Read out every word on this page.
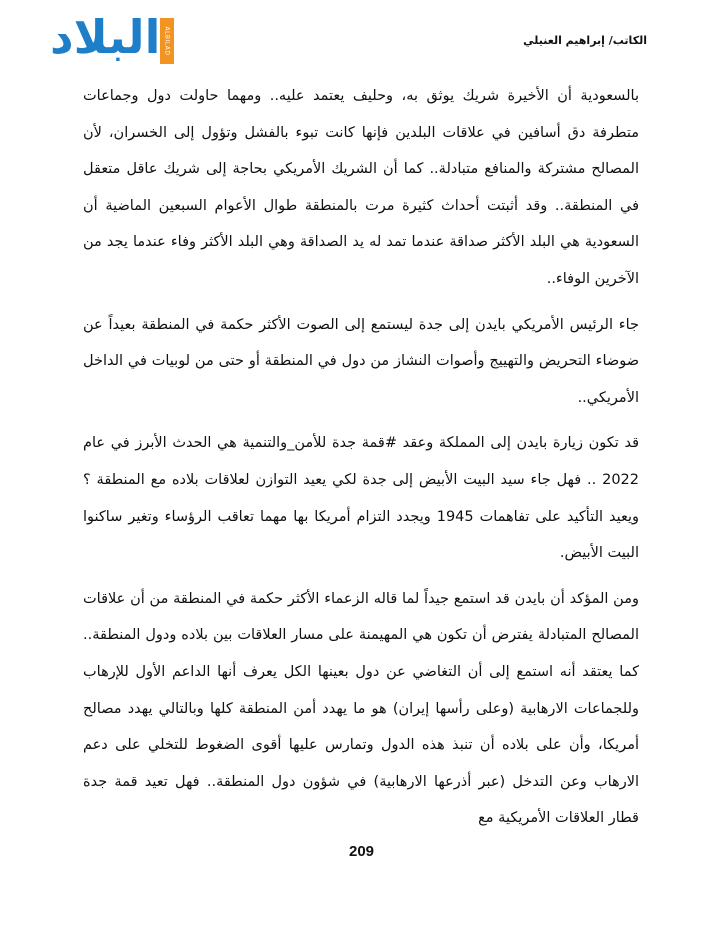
الكاتب/ إبراهيم العنيلي
البلاد ALBILAD

بالسعودية أن الأخيرة شريك يوثق به، وحليف يعتمد عليه.. ومهما حاولت دول وجماعات متطرفة دق أسافين في علاقات البلدين فإنها كانت تبوء بالفشل وتؤول إلى الخسران، لأن المصالح مشتركة والمنافع متبادلة.. كما أن الشريك الأمريكي بحاجة إلى شريك عاقل متعقل في المنطقة.. وقد أثبتت أحداث كثيرة مرت بالمنطقة طوال الأعوام السبعين الماضية أن السعودية هي البلد الأكثر صداقة عندما تمد له يد الصداقة وهي البلد الأكثر وفاء عندما يجد من الآخرين الوفاء..

جاء الرئيس الأمريكي بايدن إلى جدة ليستمع إلى الصوت الأكثر حكمة في المنطقة بعيداً عن ضوضاء التحريض والتهييج وأصوات النشاز من دول في المنطقة أو حتى من لوبيات في الداخل الأمريكي..

قد تكون زيارة بايدن إلى المملكة وعقد #قمة جدة للأمن_والتنمية هي الحدث الأبرز في عام 2022 .. فهل جاء سيد البيت الأبيض إلى جدة لكي يعيد التوازن لعلاقات بلاده مع المنطقة ؟ ويعيد التأكيد على تفاهمات 1945 ويجدد التزام أمريكا بها مهما تعاقب الرؤساء وتغير ساكنوا البيت الأبيض.

ومن المؤكد أن بايدن قد استمع جيداً لما قاله الزعماء الأكثر حكمة في المنطقة من أن علاقات المصالح المتبادلة يفترض أن تكون هي المهيمنة على مسار العلاقات بين بلاده ودول المنطقة.. كما يعتقد أنه استمع إلى أن التغاضي عن دول بعينها الكل يعرف أنها الداعم الأول للإرهاب وللجماعات الارهابية (وعلى رأسها إيران) هو ما يهدد أمن المنطقة كلها وبالتالي يهدد مصالح أمريكا، وأن على بلاده أن تنبذ هذه الدول وتمارس عليها أقوى الضغوط للتخلي على دعم الارهاب وعن التدخل (عبر أذرعها الارهابية) في شؤون دول المنطقة.. فهل تعيد قمة جدة قطار العلاقات الأمريكية مع

209
